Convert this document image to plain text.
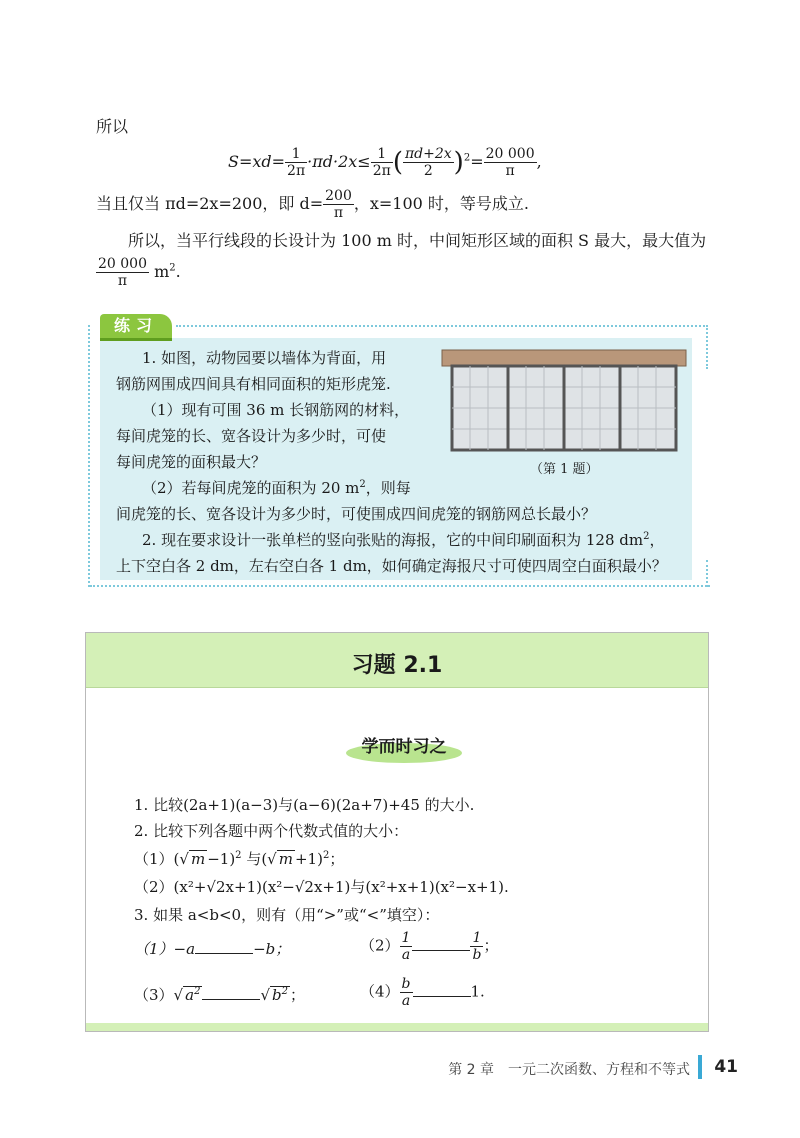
所以
$S=xd= \frac{1}{2\pi} \cdot\pi d\cdot 2x\le \frac{1}{2\pi}$ ( $\frac{\pi d+2x}{2} )^2= \frac{20 000}{\pi}$ ,
当且仅当 πd=2x=200，即 $d= \frac{200}{\pi}$ ，x=100 时，等号成立.
所以，当平行线段的长设计为 100 m 时，中间矩形区域的面积 S 最大，最大值为
$\frac{20 000}{\pi} m^2$.
练习
1. 如图，动物园要以墙体为背面，用
钢筋网围成四间具有相同面积的矩形虎笼.
（1）现有可围 36 m 长钢筋网的材料，
每间虎笼的长、宽各设计为多少时，可使
每间虎笼的面积最大？
（2）若每间虎笼的面积为 20 $m^2$，则每
间虎笼的长、宽各设计为多少时，可使围成四间虎笼的钢筋网总长最小？
2. 现在要求设计一张单栏的竖向张贴的海报，它的中间印刷面积为 128 $dm^2$，
上下空白各 2 dm，左右空白各 1 dm，如何确定海报尺寸可使四周空白面积最小？
（第 1 题）
习题 2.1
学而时习之
1. 比较(2a+1)(a−3)与(a−6)(2a+7)+45 的大小.
2. 比较下列各题中两个代数式值的大小：
（1）(√ m −1)$^2$ 与(√ m +1)$^2$；
（2）(x²+√2x+1)(x²−√2x+1)与(x²+x+1)(x²−x+1).
3. 如果 a<b<0，则有（用“>”或“<”填空）：
（1）−a	−b；	$(2) \frac{1}{a}$	$\frac{1}{b}$ ；
（3）√ $a^2$	√ $b^2$ ；	$(4) \frac{b}{a}$	1.
第 2 章　一元二次函数、方程和不等式 41
